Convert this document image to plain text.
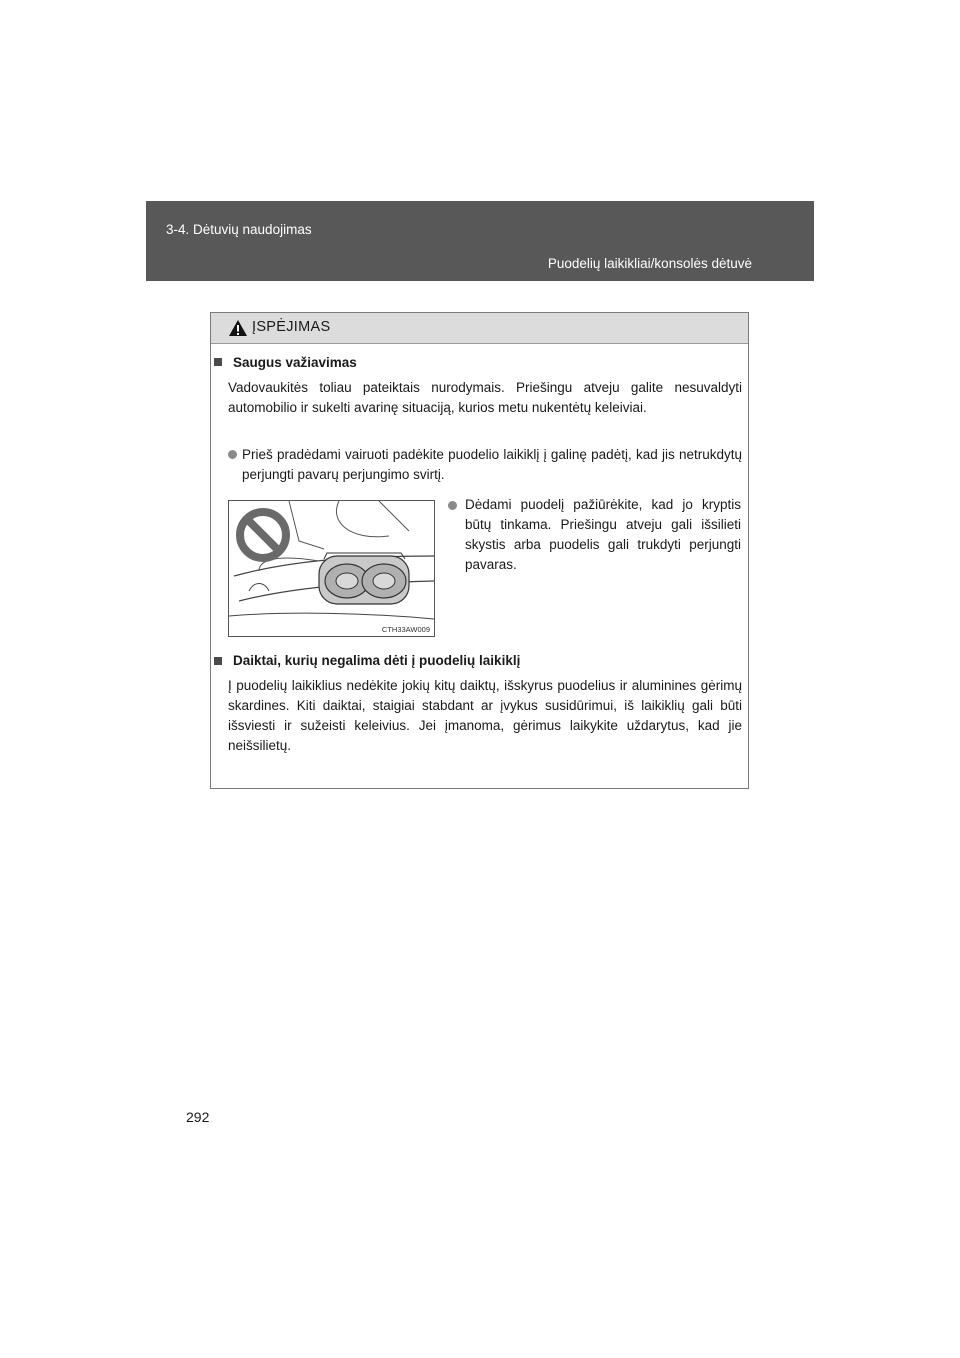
3-4. Dėtuvių naudojimas
Puodelių laikikliai/konsolės dėtuvė
ĮSPĖJIMAS
Saugus važiavimas
Vadovaukitės toliau pateiktais nurodymais. Priešingu atveju galite nesuvaldyti automobilio ir sukelti avarinę situaciją, kurios metu nukentėtų keleiviai.
Prieš pradėdami vairuoti padėkite puodelio laikiklį į galinę padėtį, kad jis netrukdytų perjungti pavarų perjungimo svirtį.
CTH33AW009
Dėdami puodelį pažiūrėkite, kad jo kryptis būtų tinkama. Priešingu atveju gali išsilieti skystis arba puodelis gali trukdyti perjungti pavaras.
Daiktai, kurių negalima dėti į puodelių laikiklį
Į puodelių laikiklius nedėkite jokių kitų daiktų, išskyrus puodelius ir aluminines gėrimų skardines. Kiti daiktai, staigiai stabdant ar įvykus susidūrimui, iš laikiklių gali būti išsviesti ir sužeisti keleivius. Jei įmanoma, gėrimus laikykite uždarytus, kad jie neišsilietų.
292
